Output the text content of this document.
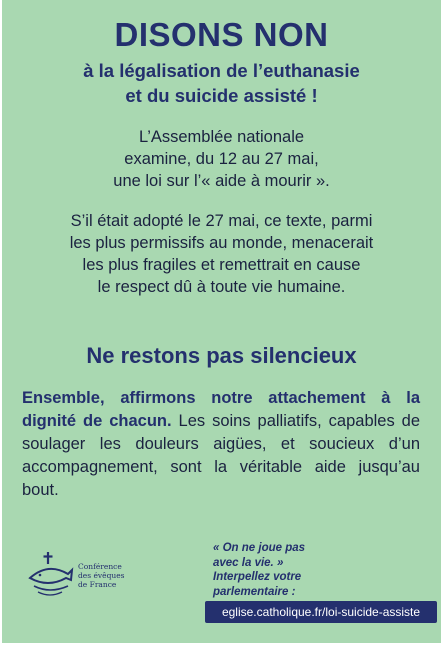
DISONS NON
à la légalisation de l’euthanasie
et du suicide assisté !
L’Assemblée nationale
examine, du 12 au 27 mai,
une loi sur l’« aide à mourir ».
S’il était adopté le 27 mai, ce texte, parmi
les plus permissifs au monde, menacerait
les plus fragiles et remettrait en cause
le respect dû à toute vie humaine.
Ne restons pas silencieux
Ensemble, affirmons notre attachement à la dignité de chacun. Les soins palliatifs, capables de soulager les douleurs aigües, et soucieux d’un accompagnement, sont la véritable aide jusqu’au bout.
Conférence
des évêques
de France
« On ne joue pas
avec la vie. »
Interpellez votre
parlementaire :
eglise.catholique.fr/loi-suicide-assiste
